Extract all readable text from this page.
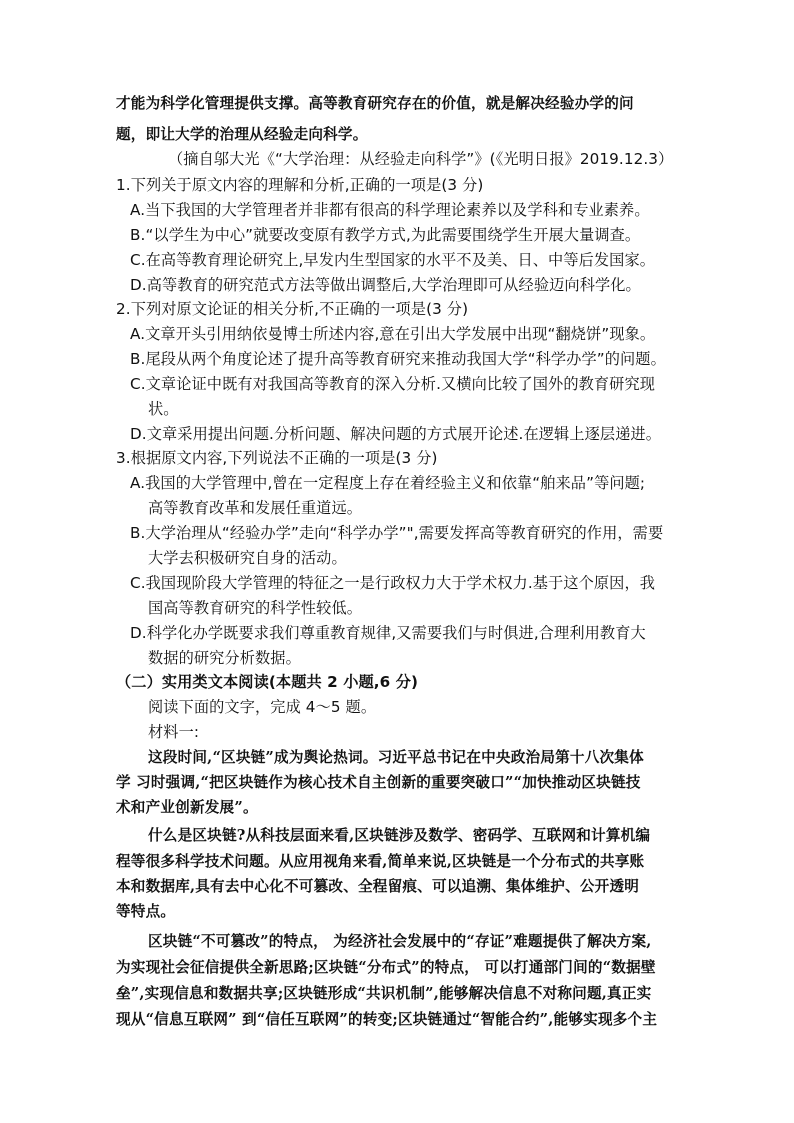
才能为科学化管理提供支撑。高等教育研究存在的价值，就是解决经验办学的问
题，即让大学的治理从经验走向科学。
（摘自邬大光《“大学治理：从经验走向科学”》(《光明日报》2019.12.3）
1.下列关于原文内容的理解和分析,正确的一项是(3 分)
A.当下我国的大学管理者并非都有很高的科学理论素养以及学科和专业素养。
B.“以学生为中心”就要改变原有教学方式,为此需要围绕学生开展大量调查。
C.在高等教育理论研究上,早发内生型国家的水平不及美、日、中等后发国家。
D.高等教育的研究范式方法等做出调整后,大学治理即可从经验迈向科学化。
2.下列对原文论证的相关分析,不正确的一项是(3 分)
A.文章开头引用纳依曼博士所述内容,意在引出大学发展中出现“翻烧饼”现象。
B.尾段从两个角度论述了提升高等教育研究来推动我国大学“科学办学”的问题。
C.文章论证中既有对我国高等教育的深入分析.又横向比较了国外的教育研究现
状。
D.文章采用提出问题.分析问题、解决问题的方式展开论述.在逻辑上逐层递进。
3.根据原文内容,下列说法不正确的一项是(3 分)
A.我国的大学管理中,曾在一定程度上存在着经验主义和依靠“舶来品”等问题;
高等教育改革和发展任重道远。
B.大学治理从“经验办学”走向“科学办学”",需要发挥高等教育研究的作用，需要
大学去积极研究自身的活动。
C.我国现阶段大学管理的特征之一是行政权力大于学术权力.基于这个原因，我
国高等教育研究的科学性较低。
D.科学化办学既要求我们尊重教育规律,又需要我们与时俱进,合理利用教育大
数据的研究分析数据。
（二）实用类文本阅读(本题共 2 小题,6 分)
阅读下面的文字，完成 4～5 题。
材料一:
这段时间,“区块链”成为舆论热词。习近平总书记在中央政治局第十八次集体
学 习时强调,“把区块链作为核心技术自主创新的重要突破口”“加快推动区块链技
术和产业创新发展”。
什么是区块链?从科技层面来看,区块链涉及数学、密码学、互联网和计算机编
程等很多科学技术问题。从应用视角来看,简单来说,区块链是一个分布式的共享账
本和数据库,具有去中心化不可篡改、全程留痕、可以追溯、集体维护、公开透明
等特点。
区块链“不可篡改”的特点， 为经济社会发展中的“存证”难题提供了解决方案,
为实现社会征信提供全新思路;区块链“分布式”的特点， 可以打通部门间的“数据壁
垒”,实现信息和数据共享;区块链形成“共识机制”,能够解决信息不对称问题,真正实
现从“信息互联网” 到“信任互联网”的转变;区块链通过“智能合约”,能够实现多个主
